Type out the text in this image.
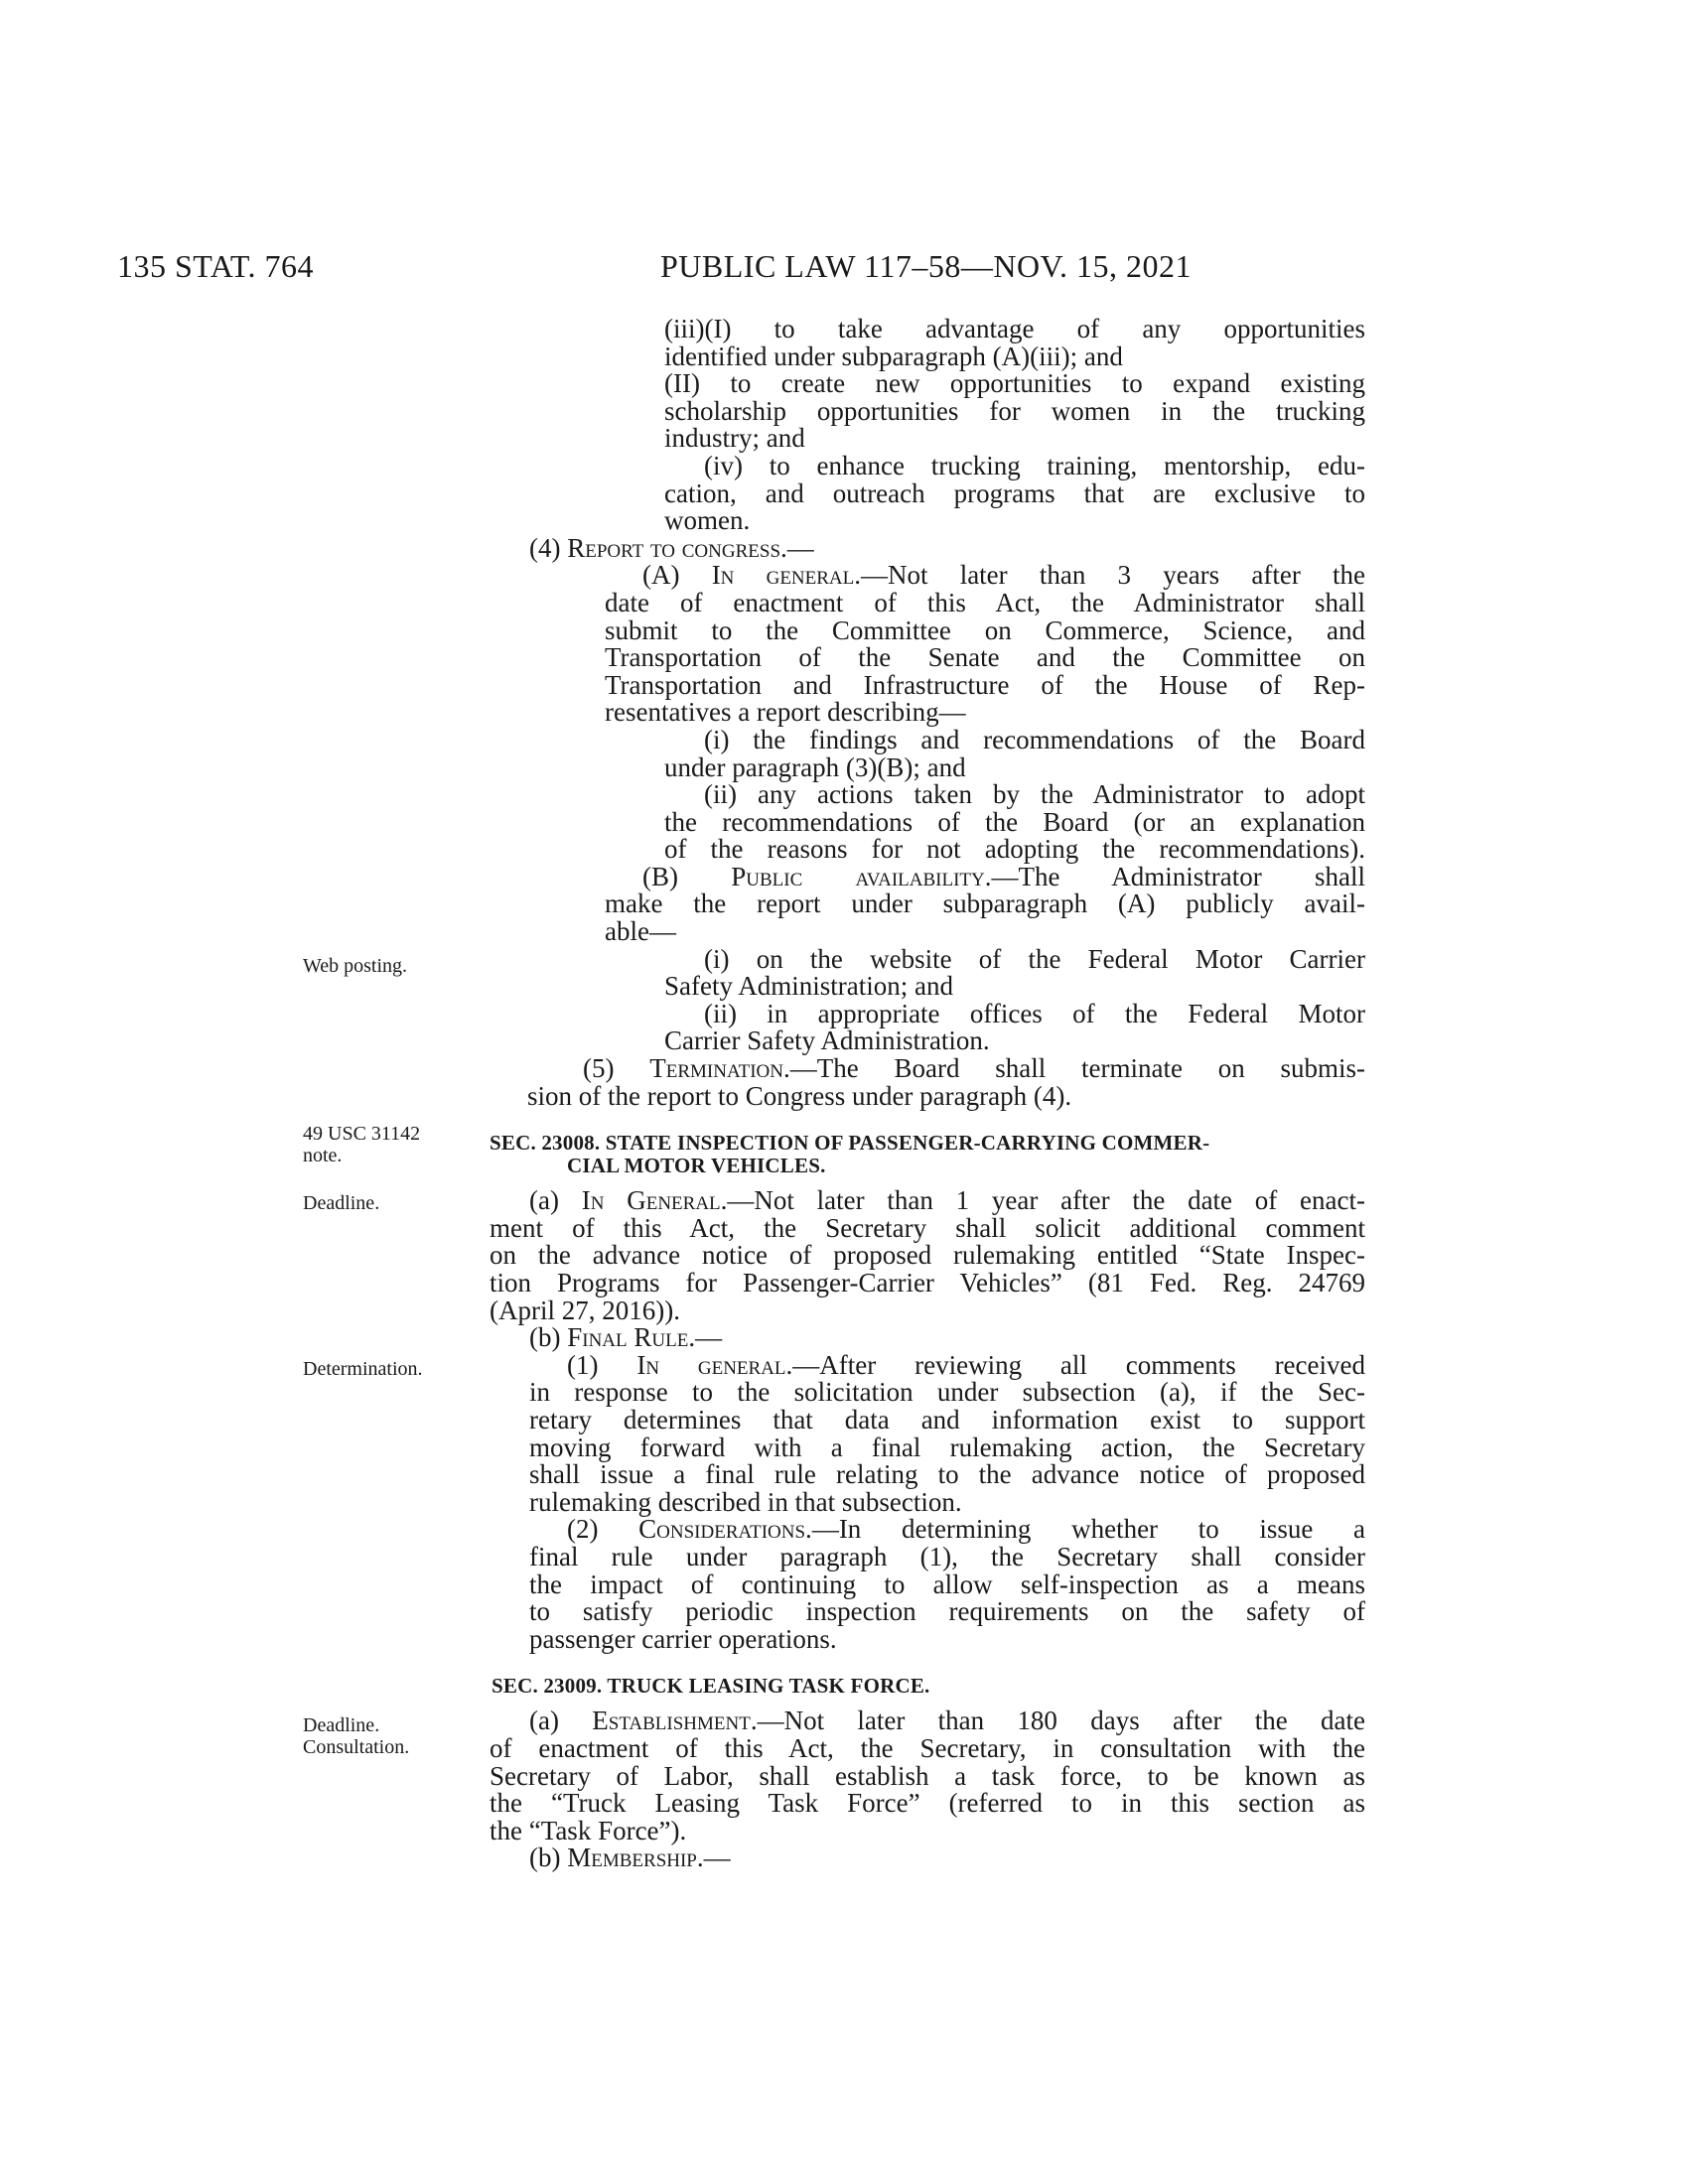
135 STAT. 764	PUBLIC LAW 117–58—NOV. 15, 2021
Web posting.
49 USC 31142
note.
Deadline.
Determination.
Deadline.
Consultation.

(iii)(I) to take advantage of any opportunities

identified under subparagraph (A)(iii); and

(II) to create new opportunities to expand existing

scholarship opportunities for women in the trucking

industry; and

(iv) to enhance trucking training, mentorship, edu-

cation, and outreach programs that are exclusive to

women.

(4) Report to congress.—

(A) In general.—Not later than 3 years after the

date of enactment of this Act, the Administrator shall

submit to the Committee on Commerce, Science, and

Transportation of the Senate and the Committee on

Transportation and Infrastructure of the House of Rep-

resentatives a report describing—

(i) the findings and recommendations of the Board

under paragraph (3)(B); and

(ii) any actions taken by the Administrator to adopt

the recommendations of the Board (or an explanation

of the reasons for not adopting the recommendations).

(B) Public availability.—The Administrator shall

make the report under subparagraph (A) publicly avail-

able—

(i) on the website of the Federal Motor Carrier

Safety Administration; and

(ii) in appropriate offices of the Federal Motor

Carrier Safety Administration.

(5) Termination.—The Board shall terminate on submis-

sion of the report to Congress under paragraph (4).

SEC. 23008. STATE INSPECTION OF PASSENGER-CARRYING COMMER-
CIAL MOTOR VEHICLES.

(a) In General.—Not later than 1 year after the date of enact-

ment of this Act, the Secretary shall solicit additional comment

on the advance notice of proposed rulemaking entitled “State Inspec-

tion Programs for Passenger-Carrier Vehicles” (81 Fed. Reg. 24769

(April 27, 2016)).

(b) Final Rule.—

(1) In general.—After reviewing all comments received

in response to the solicitation under subsection (a), if the Sec-

retary determines that data and information exist to support

moving forward with a final rulemaking action, the Secretary

shall issue a final rule relating to the advance notice of proposed

rulemaking described in that subsection.

(2) Considerations.—In determining whether to issue a

final rule under paragraph (1), the Secretary shall consider

the impact of continuing to allow self-inspection as a means

to satisfy periodic inspection requirements on the safety of

passenger carrier operations.

SEC. 23009. TRUCK LEASING TASK FORCE.

(a) Establishment.—Not later than 180 days after the date

of enactment of this Act, the Secretary, in consultation with the

Secretary of Labor, shall establish a task force, to be known as

the “Truck Leasing Task Force” (referred to in this section as

the “Task Force”).

(b) Membership.—
